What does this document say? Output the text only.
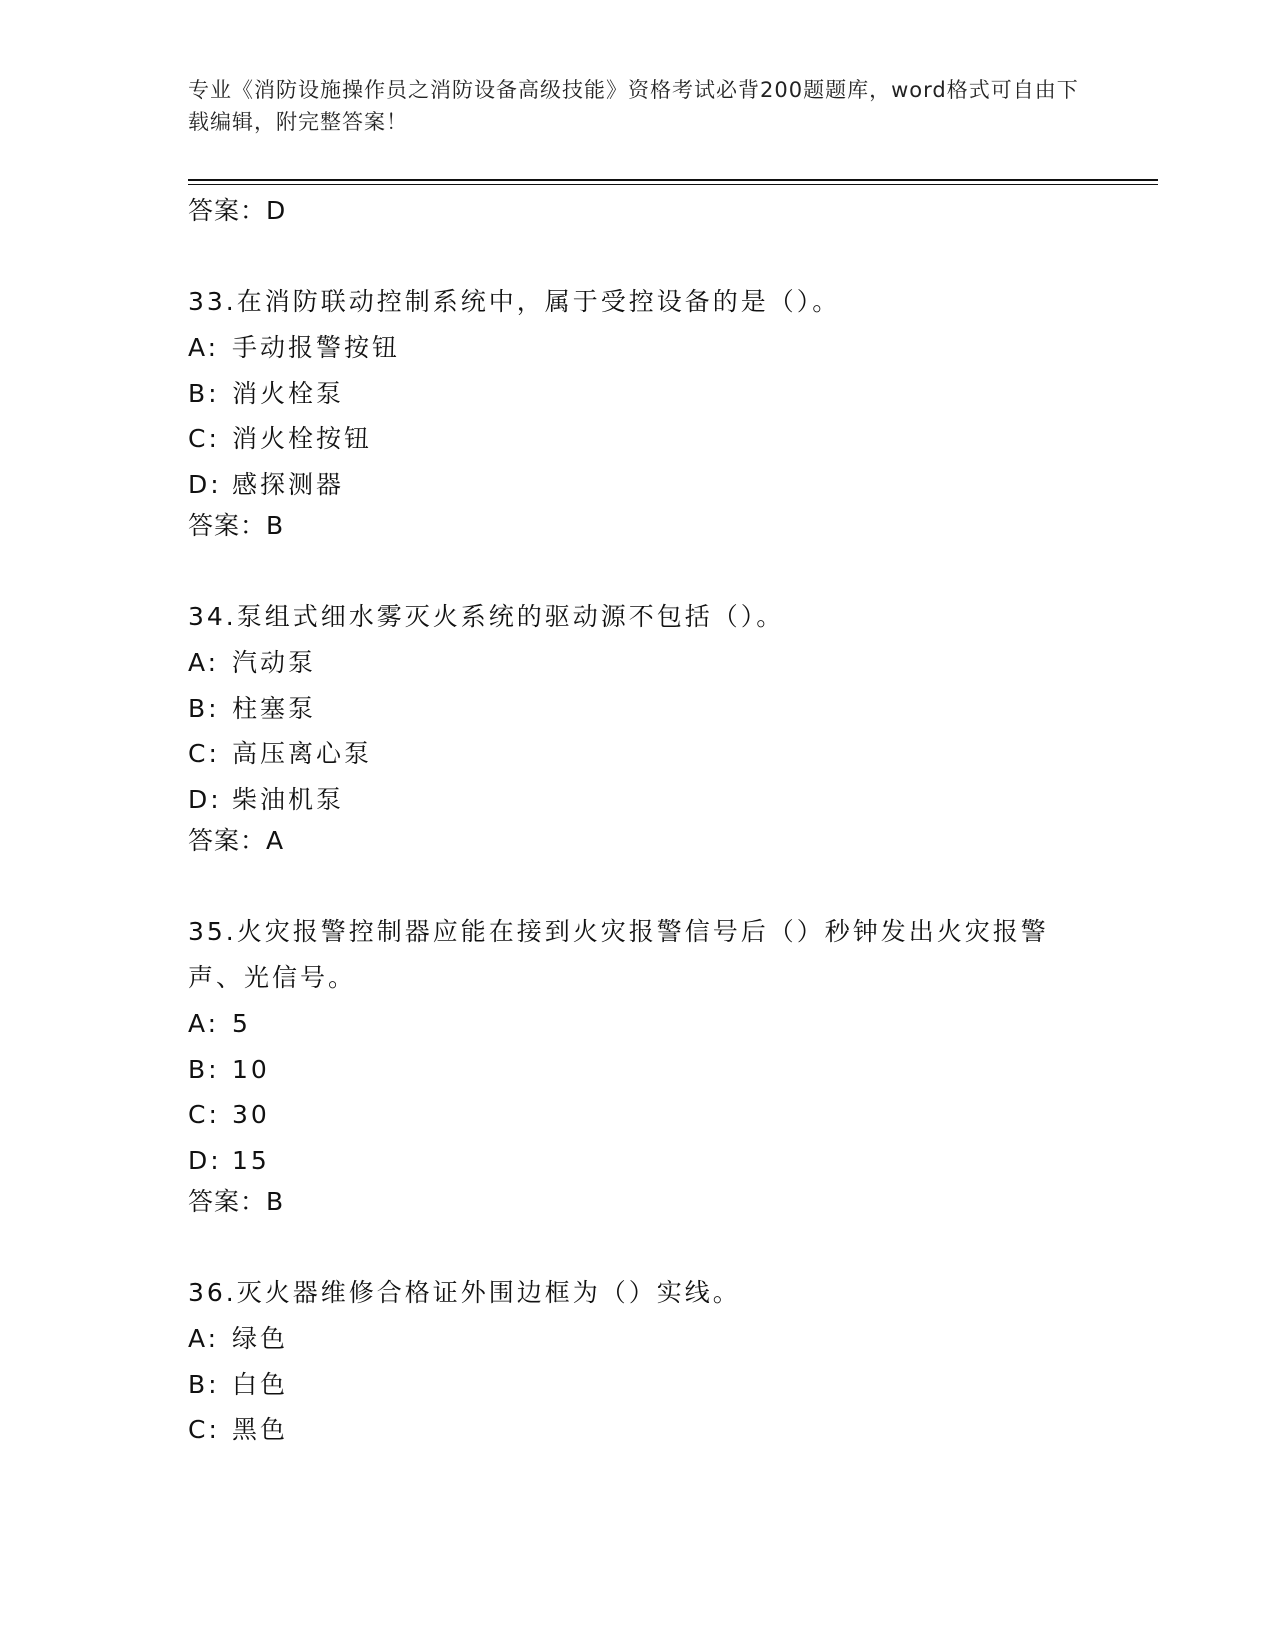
专业《消防设施操作员之消防设备高级技能》资格考试必背200题题库，word格式可自由下载编辑，附完整答案！
答案：D
33.在消防联动控制系统中，属于受控设备的是（）。
A: 手动报警按钮
B: 消火栓泵
C: 消火栓按钮
D: 感探测器
答案：B
34.泵组式细水雾灭火系统的驱动源不包括（）。
A: 汽动泵
B: 柱塞泵
C: 高压离心泵
D: 柴油机泵
答案：A
35.火灾报警控制器应能在接到火灾报警信号后（）秒钟发出火灾报警声、光信号。
A: 5
B: 10
C: 30
D: 15
答案：B
36.灭火器维修合格证外围边框为（）实线。
A: 绿色
B: 白色
C: 黑色
